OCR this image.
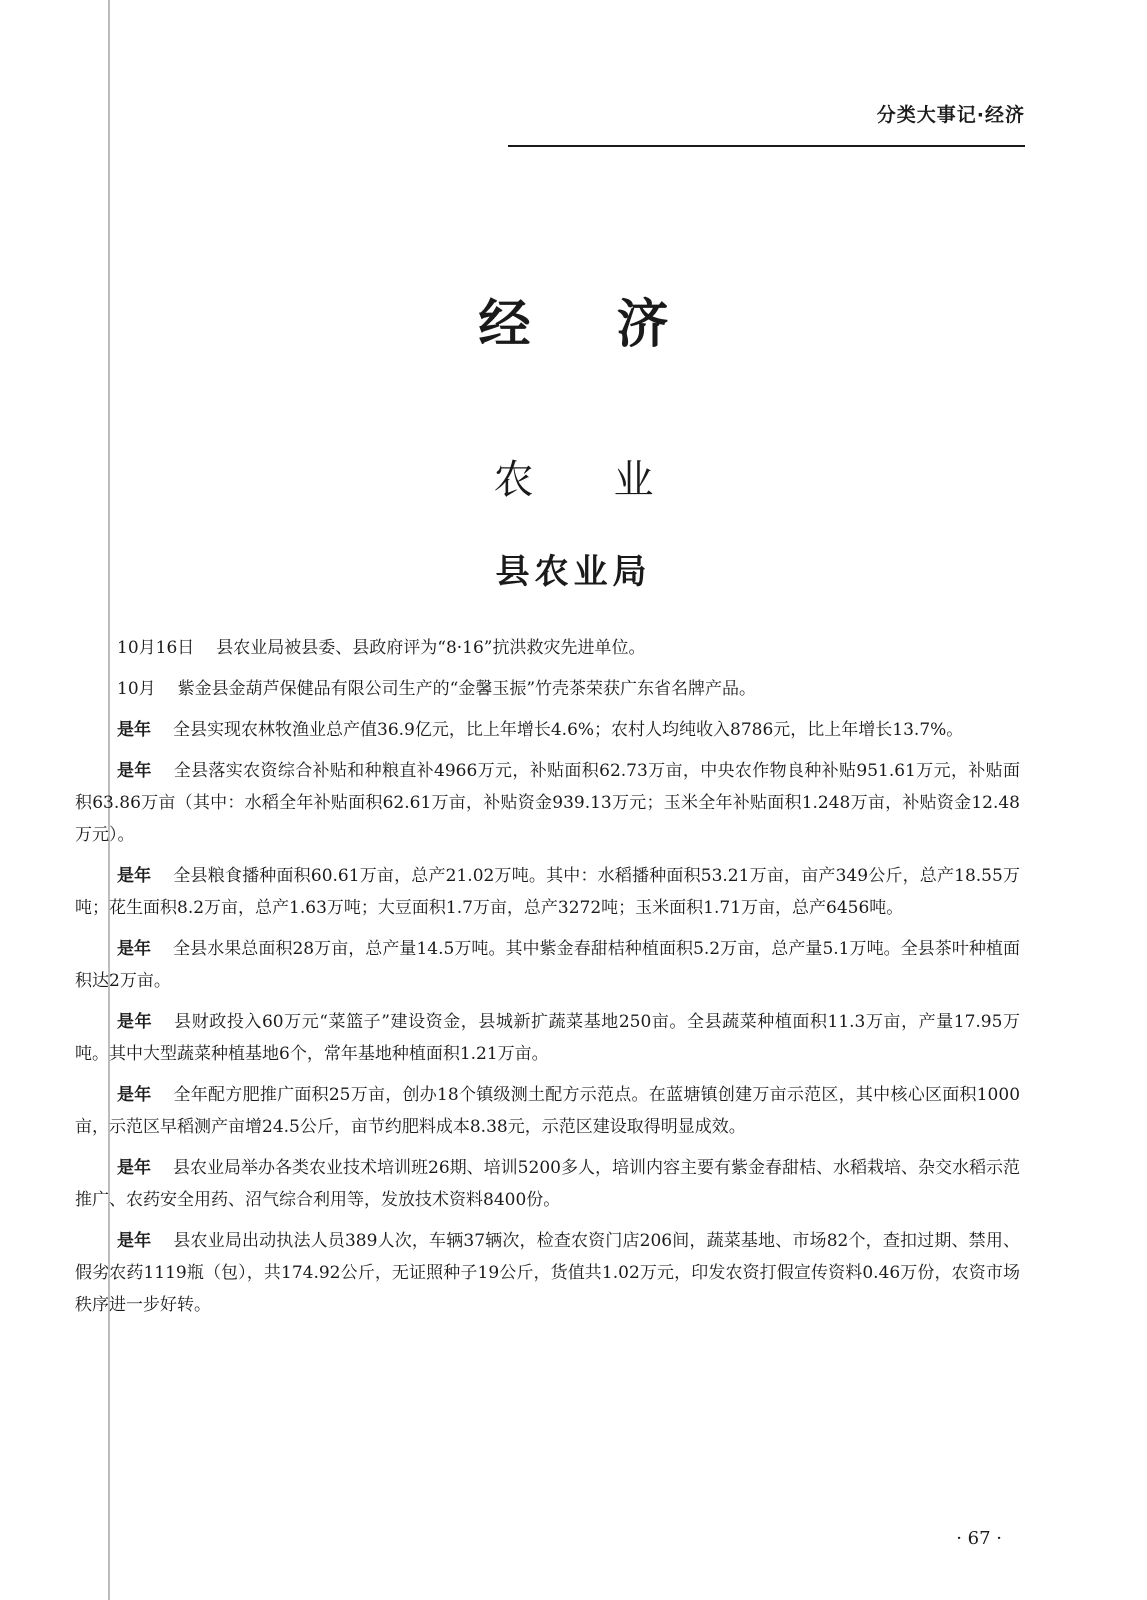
分类大事记·经济
经济
农业
县农业局

10月16日 县农业局被县委、县政府评为“8·16”抗洪救灾先进单位。

10月 紫金县金葫芦保健品有限公司生产的“金馨玉振”竹壳茶荣获广东省名牌产品。

是年 全县实现农林牧渔业总产值36.9亿元，比上年增长4.6%；农村人均纯收入8786元，比上年增长13.7%。

是年 全县落实农资综合补贴和种粮直补4966万元，补贴面积62.73万亩，中央农作物良种补贴951.61万元，补贴面积63.86万亩（其中：水稻全年补贴面积62.61万亩，补贴资金939.13万元；玉米全年补贴面积1.248万亩，补贴资金12.48万元）。

是年 全县粮食播种面积60.61万亩，总产21.02万吨。其中：水稻播种面积53.21万亩，亩产349公斤，总产18.55万吨；花生面积8.2万亩，总产1.63万吨；大豆面积1.7万亩，总产3272吨；玉米面积1.71万亩，总产6456吨。

是年 全县水果总面积28万亩，总产量14.5万吨。其中紫金春甜桔种植面积5.2万亩，总产量5.1万吨。全县茶叶种植面积达2万亩。

是年 县财政投入60万元“菜篮子”建设资金，县城新扩蔬菜基地250亩。全县蔬菜种植面积11.3万亩，产量17.95万吨。其中大型蔬菜种植基地6个，常年基地种植面积1.21万亩。

是年 全年配方肥推广面积25万亩，创办18个镇级测土配方示范点。在蓝塘镇创建万亩示范区，其中核心区面积1000亩，示范区早稻测产亩增24.5公斤，亩节约肥料成本8.38元，示范区建设取得明显成效。

是年 县农业局举办各类农业技术培训班26期、培训5200多人，培训内容主要有紫金春甜桔、水稻栽培、杂交水稻示范推广、农药安全用药、沼气综合利用等，发放技术资料8400份。

是年 县农业局出动执法人员389人次，车辆37辆次，检查农资门店206间，蔬菜基地、市场82个，查扣过期、禁用、假劣农药1119瓶（包），共174.92公斤，无证照种子19公斤，货值共1.02万元，印发农资打假宣传资料0.46万份，农资市场秩序进一步好转。

· 67 ·
